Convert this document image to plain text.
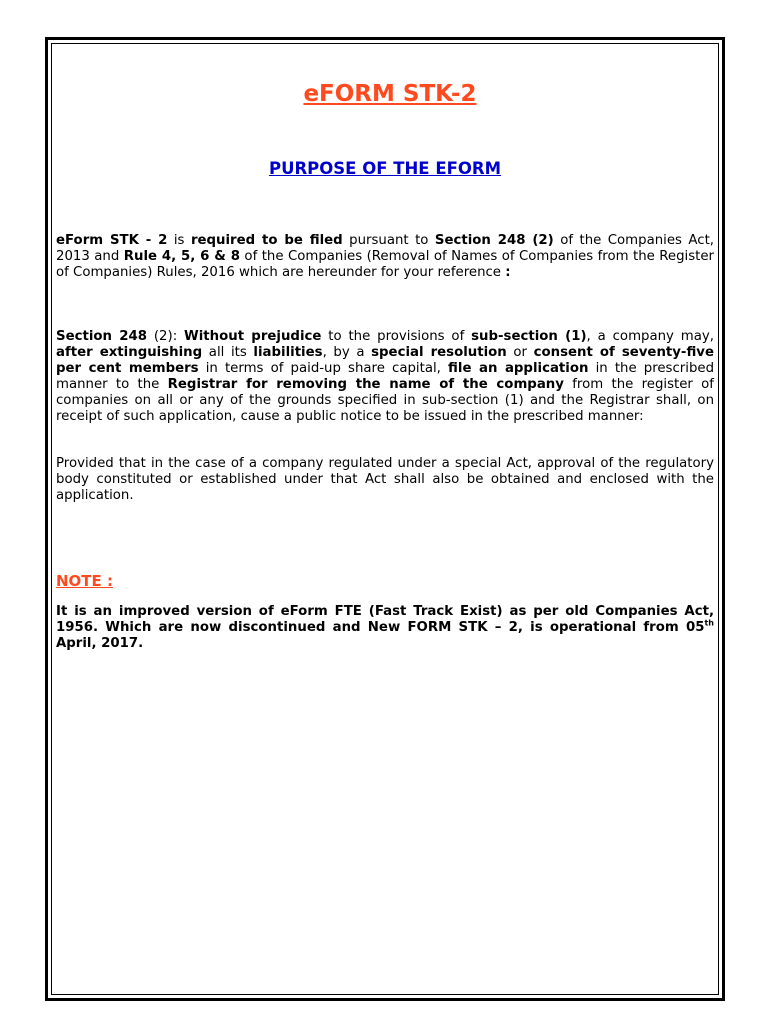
eFORM STK-2
PURPOSE OF THE EFORM

eForm STK - 2 is required to be filed pursuant to Section 248 (2) of the Companies Act, 2013 and Rule 4, 5, 6 & 8 of the Companies (Removal of Names of Companies from the Register of Companies) Rules, 2016 which are hereunder for your reference :

Section 248 (2): Without prejudice to the provisions of sub-section (1), a company may, after extinguishing all its liabilities, by a special resolution or consent of seventy-five per cent members in terms of paid-up share capital, file an application in the prescribed manner to the Registrar for removing the name of the company from the register of companies on all or any of the grounds specified in sub-section (1) and the Registrar shall, on receipt of such application, cause a public notice to be issued in the prescribed manner:

Provided that in the case of a company regulated under a special Act, approval of the regulatory body constituted or established under that Act shall also be obtained and enclosed with the application.

NOTE :

It is an improved version of eForm FTE (Fast Track Exist) as per old Companies Act, 1956. Which are now discontinued and New FORM STK – 2, is operational from 05th April, 2017.
